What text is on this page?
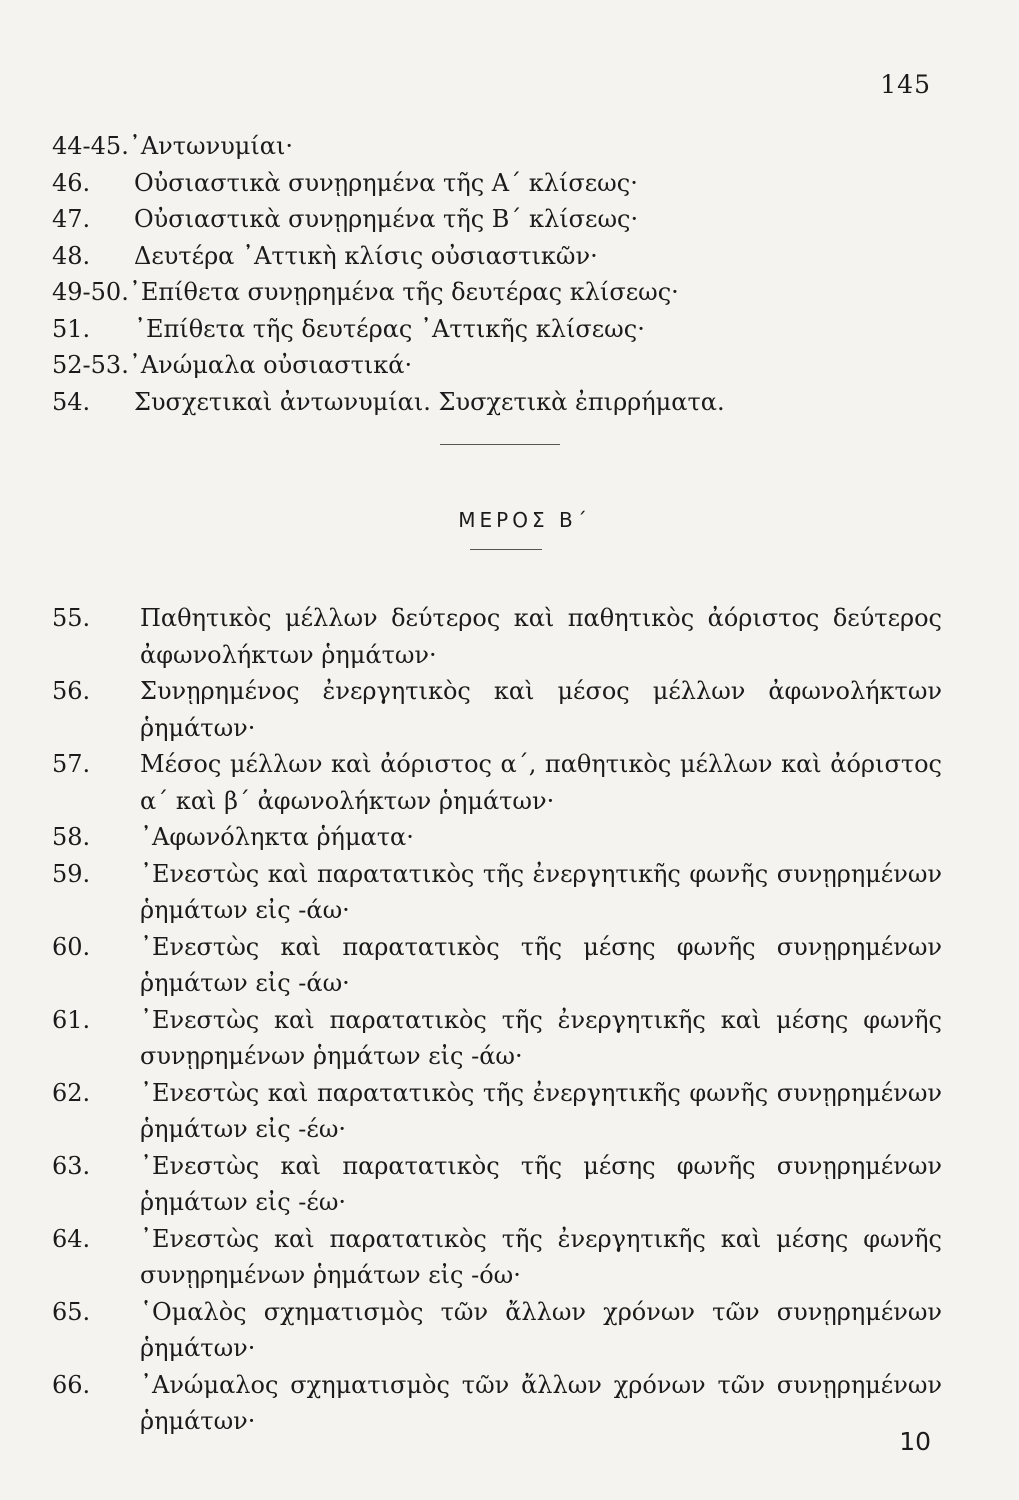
145
44-45. ᾿Αντωνυμίαι·
46.	Οὐσιαστικὰ συνῃρημένα τῆς Α΄ κλίσεως·
47.	Οὐσιαστικὰ συνῃρημένα τῆς Β΄ κλίσεως·
48.	Δευτέρα ᾿Αττικὴ κλίσις οὐσιαστικῶν·
49-50. ᾿Επίθετα συνῃρημένα τῆς δευτέρας κλίσεως·
51.	᾿Επίθετα τῆς δευτέρας ᾿Αττικῆς κλίσεως·
52-53. ᾿Ανώμαλα οὐσιαστικά·
54.	Συσχετικαὶ ἀντωνυμίαι. Συσχετικὰ ἐπιρρήματα.
ΜΕΡΟΣ Β΄
55.	Παθητικὸς μέλλων δεύτερος καὶ παθητικὸς ἀόριστος δεύτερος ἀφωνολήκτων ῥημάτων·
56.	Συνῃρημένος ἐνεργητικὸς καὶ μέσος μέλλων ἀφωνολήκτων ῥημάτων·
57.	Μέσος μέλλων καὶ ἀόριστος α΄, παθητικὸς μέλλων καὶ ἀόριστος α΄ καὶ β΄ ἀφωνολήκτων ῥημάτων·
58.	᾿Αφωνόληκτα ῥήματα·
59.	᾿Ενεστὼς καὶ παρατατικὸς τῆς ἐνεργητικῆς φωνῆς συνῃρημένων ῥημάτων εἰς -άω·
60.	᾿Ενεστὼς καὶ παρατατικὸς τῆς μέσης φωνῆς συνῃρημένων ῥημάτων εἰς -άω·
61.	᾿Ενεστὼς καὶ παρατατικὸς τῆς ἐνεργητικῆς καὶ μέσης φωνῆς συνῃρημένων ῥημάτων εἰς -άω·
62.	᾿Ενεστὼς καὶ παρατατικὸς τῆς ἐνεργητικῆς φωνῆς συνῃρημένων ῥημάτων εἰς -έω·
63.	᾿Ενεστὼς καὶ παρατατικὸς τῆς μέσης φωνῆς συνῃρημένων ῥημάτων εἰς -έω·
64.	᾿Ενεστὼς καὶ παρατατικὸς τῆς ἐνεργητικῆς καὶ μέσης φωνῆς συνῃρημένων ῥημάτων εἰς -όω·
65.	῾Ομαλὸς σχηματισμὸς τῶν ἄλλων χρόνων τῶν συνῃρημένων ῥημάτων·
66.	᾿Ανώμαλος σχηματισμὸς τῶν ἄλλων χρόνων τῶν συνῃρημένων ῥημάτων·
10
